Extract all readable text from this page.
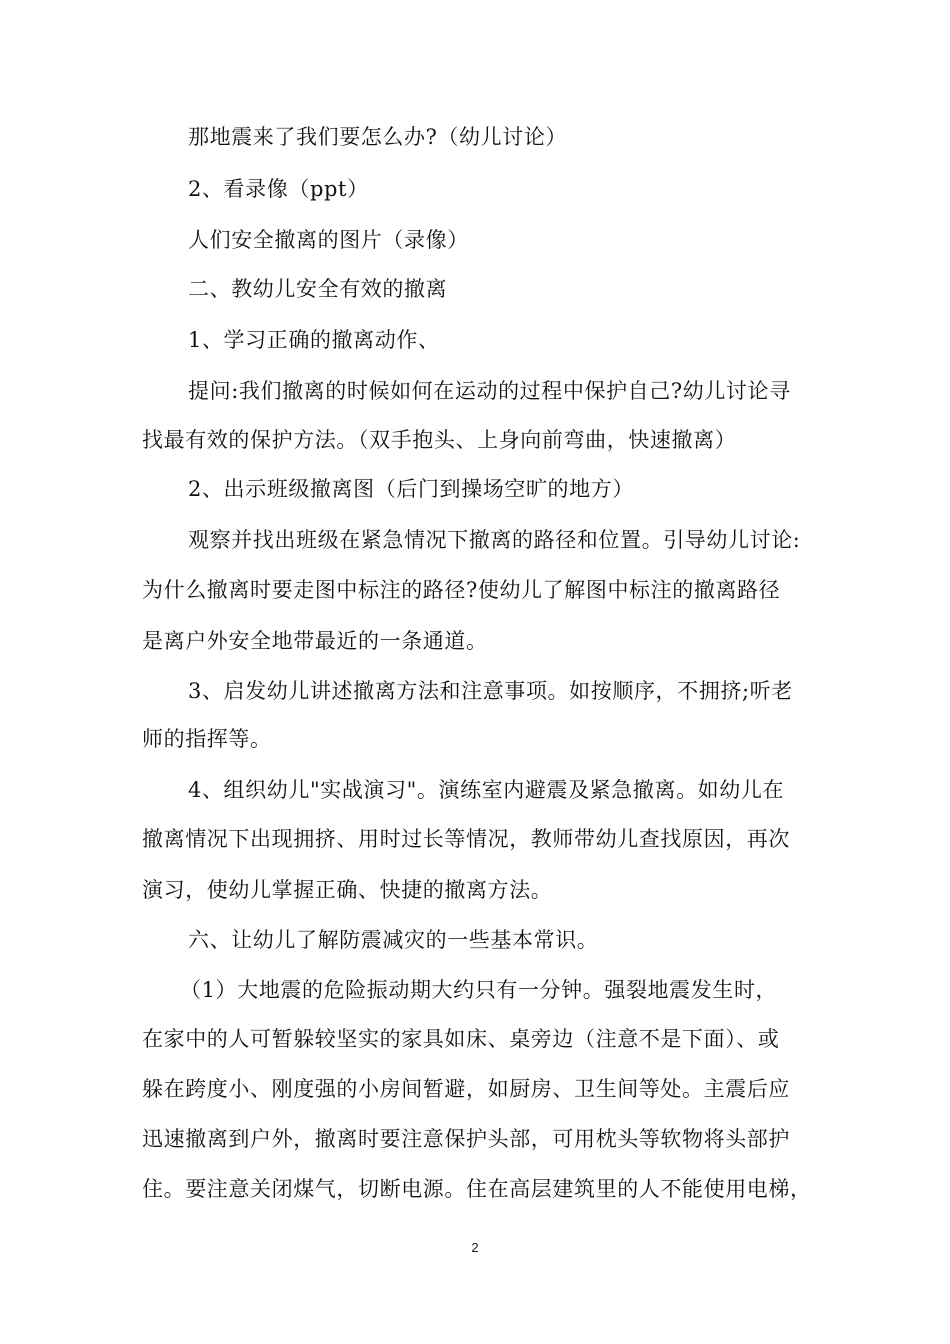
那地震来了我们要怎么办?（幼儿讨论）
2、看录像（ppt）
人们安全撤离的图片（录像）
二、教幼儿安全有效的撤离
1、学习正确的撤离动作、
提问:我们撤离的时候如何在运动的过程中保护自己?幼儿讨论寻
找最有效的保护方法。（双手抱头、上身向前弯曲，快速撤离）
2、出示班级撤离图（后门到操场空旷的地方）
观察并找出班级在紧急情况下撤离的路径和位置。引导幼儿讨论:
为什么撤离时要走图中标注的路径?使幼儿了解图中标注的撤离路径
是离户外安全地带最近的一条通道。
3、启发幼儿讲述撤离方法和注意事项。如按顺序，不拥挤;听老
师的指挥等。
4、组织幼儿"实战演习"。演练室内避震及紧急撤离。如幼儿在
撤离情况下出现拥挤、用时过长等情况，教师带幼儿查找原因，再次
演习，使幼儿掌握正确、快捷的撤离方法。
六、让幼儿了解防震减灾的一些基本常识。
（1）大地震的危险振动期大约只有一分钟。强裂地震发生时，
在家中的人可暂躲较坚实的家具如床、桌旁边（注意不是下面）、或
躲在跨度小、刚度强的小房间暂避，如厨房、卫生间等处。主震后应
迅速撤离到户外，撤离时要注意保护头部，可用枕头等软物将头部护
住。要注意关闭煤气，切断电源。住在高层建筑里的人不能使用电梯，
2
